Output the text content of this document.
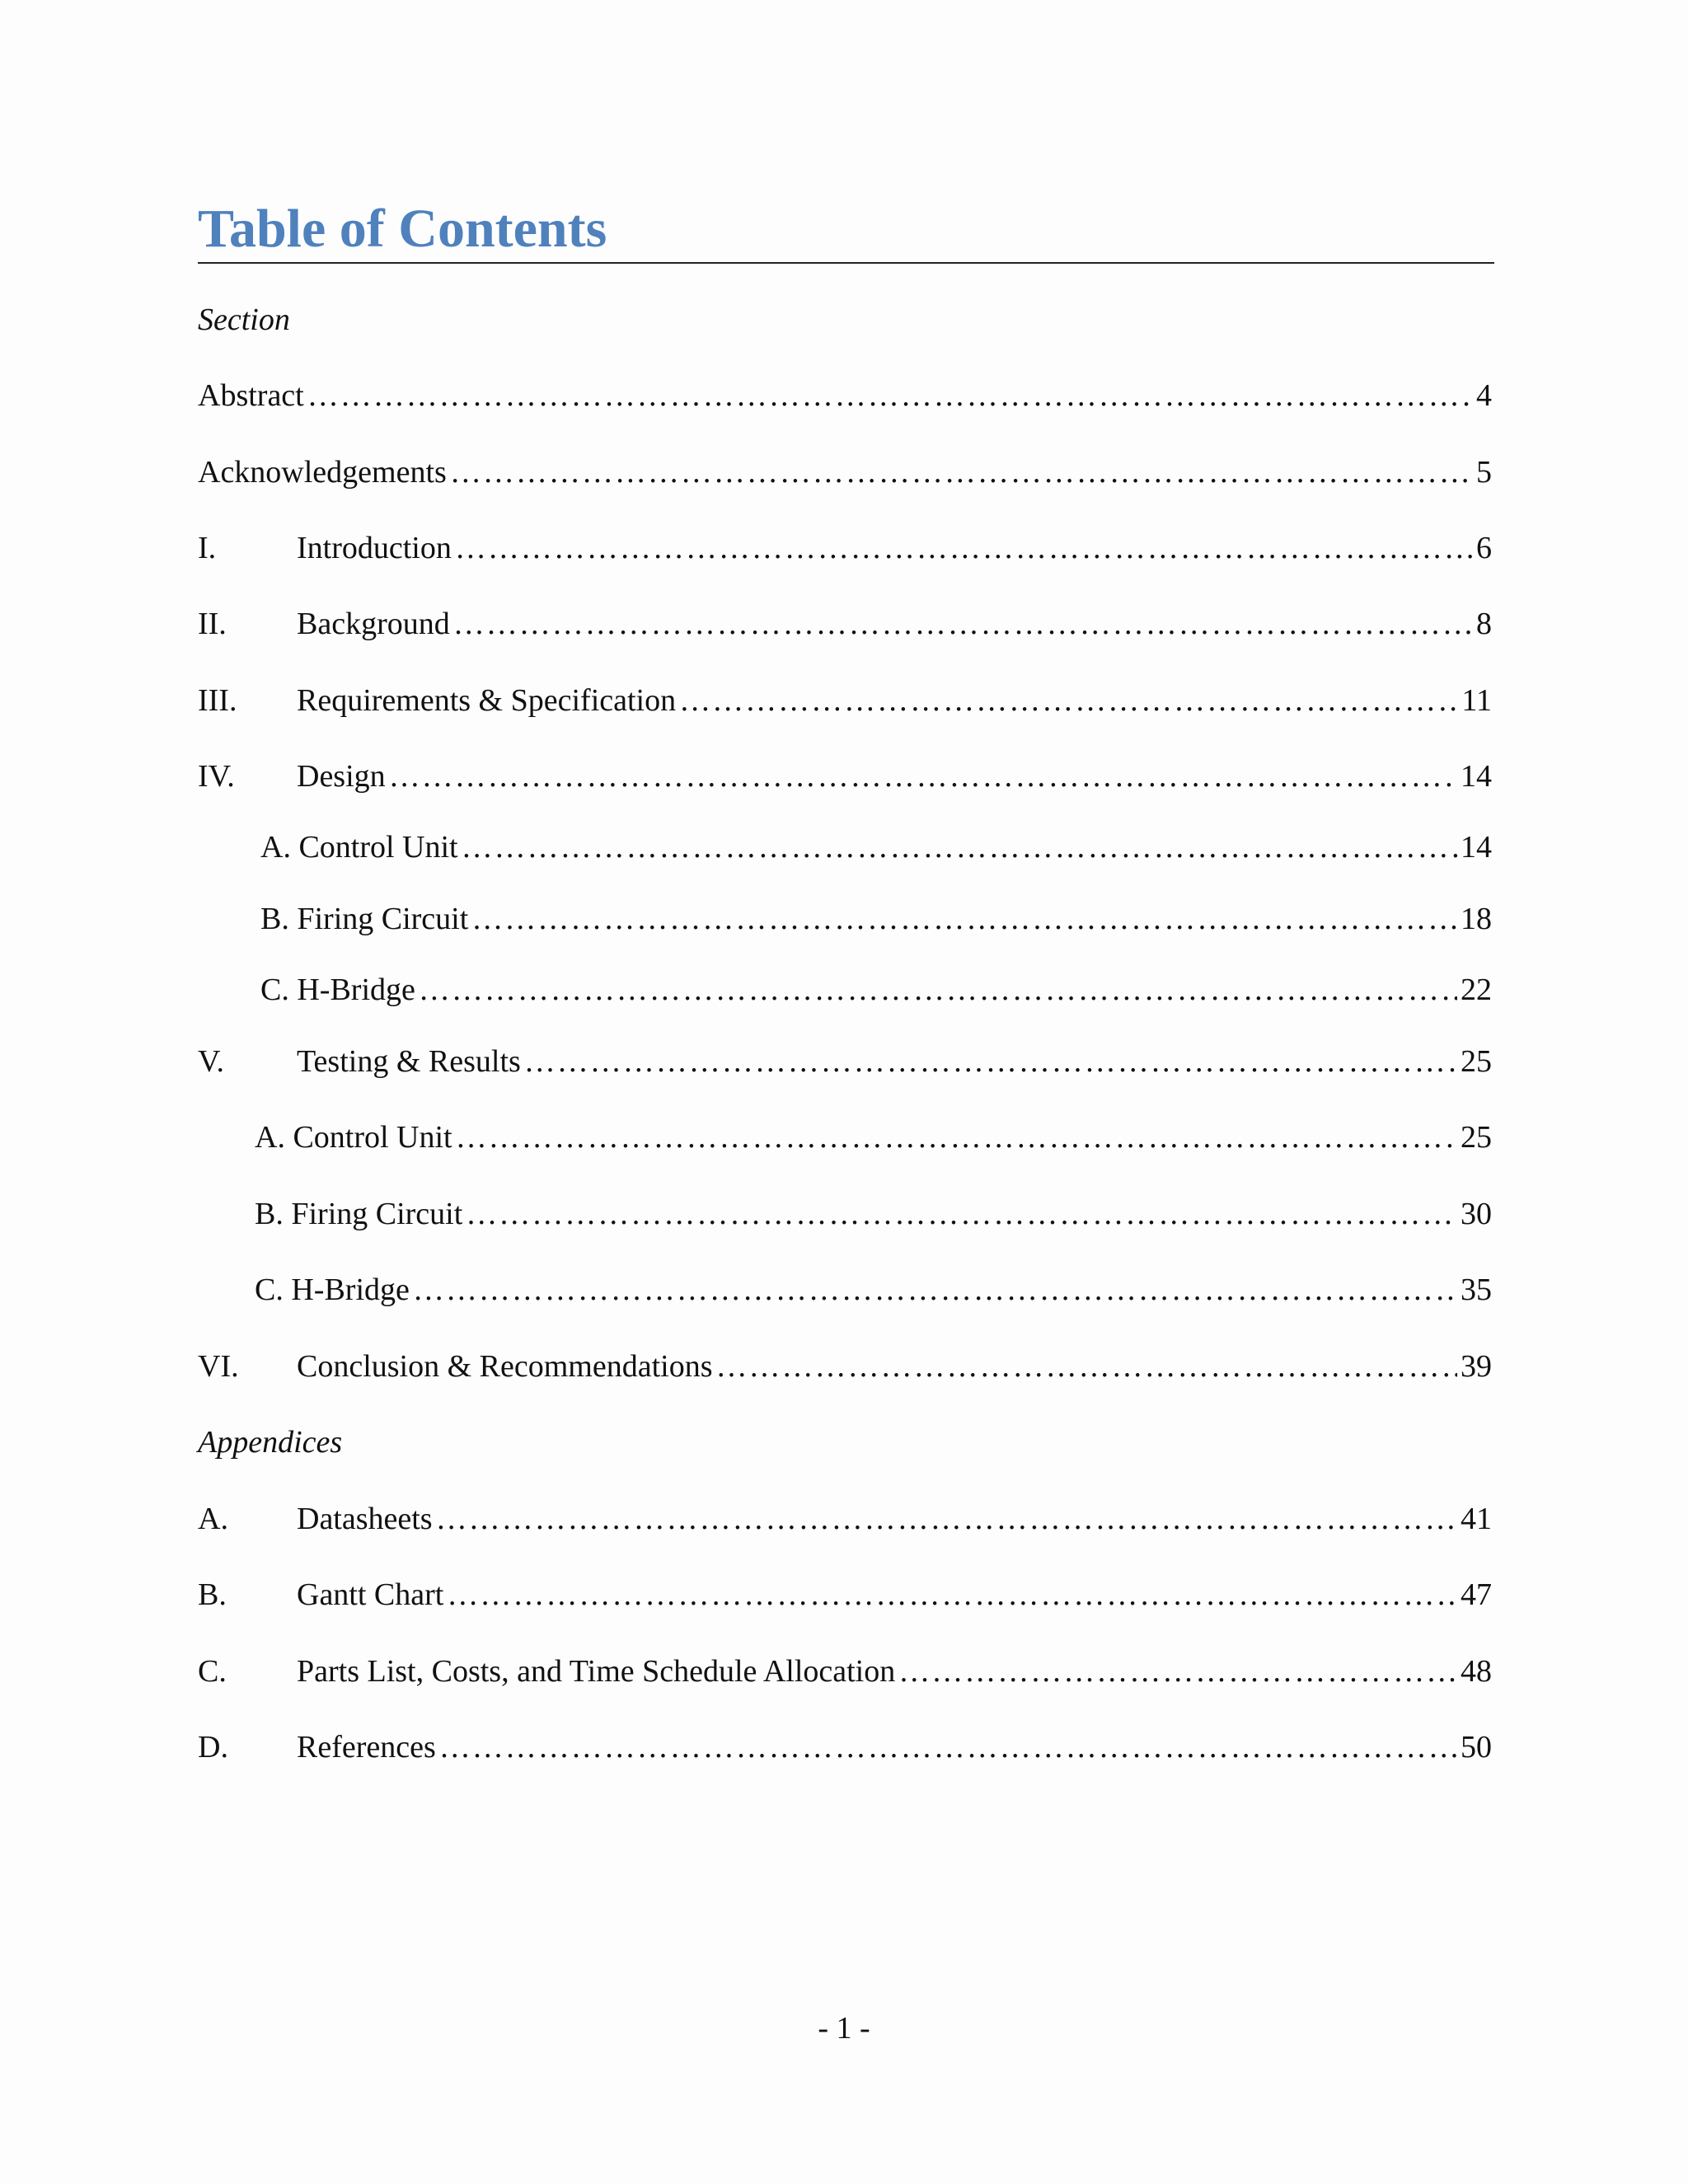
Table of Contents
Section
Abstract …………………………………………………………………………………………………………………………………………………………………………………………………………………………	4
Acknowledgements …………………………………………………………………………………………………………………………………………………………………………………………………………………………	5
I.	Introduction …………………………………………………………………………………………………………………………………………………………………………………………………………………………	6
II.	Background …………………………………………………………………………………………………………………………………………………………………………………………………………………………	8
III.	Requirements & Specification …………………………………………………………………………………………………………………………………………………………………………………………………………………………	11
IV.	Design …………………………………………………………………………………………………………………………………………………………………………………………………………………………	14
A. Control Unit …………………………………………………………………………………………………………………………………………………………………………………………………………………………	14
B. Firing Circuit …………………………………………………………………………………………………………………………………………………………………………………………………………………………	18
C. H-Bridge …………………………………………………………………………………………………………………………………………………………………………………………………………………………	22
V.	Testing & Results …………………………………………………………………………………………………………………………………………………………………………………………………………………………	25
A. Control Unit …………………………………………………………………………………………………………………………………………………………………………………………………………………………	25
B. Firing Circuit …………………………………………………………………………………………………………………………………………………………………………………………………………………………	30
C. H-Bridge …………………………………………………………………………………………………………………………………………………………………………………………………………………………	35
VI.	Conclusion & Recommendations …………………………………………………………………………………………………………………………………………………………………………………………………………………………	39
Appendices
A.	Datasheets …………………………………………………………………………………………………………………………………………………………………………………………………………………………	41
B.	Gantt Chart …………………………………………………………………………………………………………………………………………………………………………………………………………………………	47
C.	Parts List, Costs, and Time Schedule Allocation …………………………………………………………………………………………………………………………………………………………………………………………………………………………	48
D.	References …………………………………………………………………………………………………………………………………………………………………………………………………………………………	50
- 1 -
